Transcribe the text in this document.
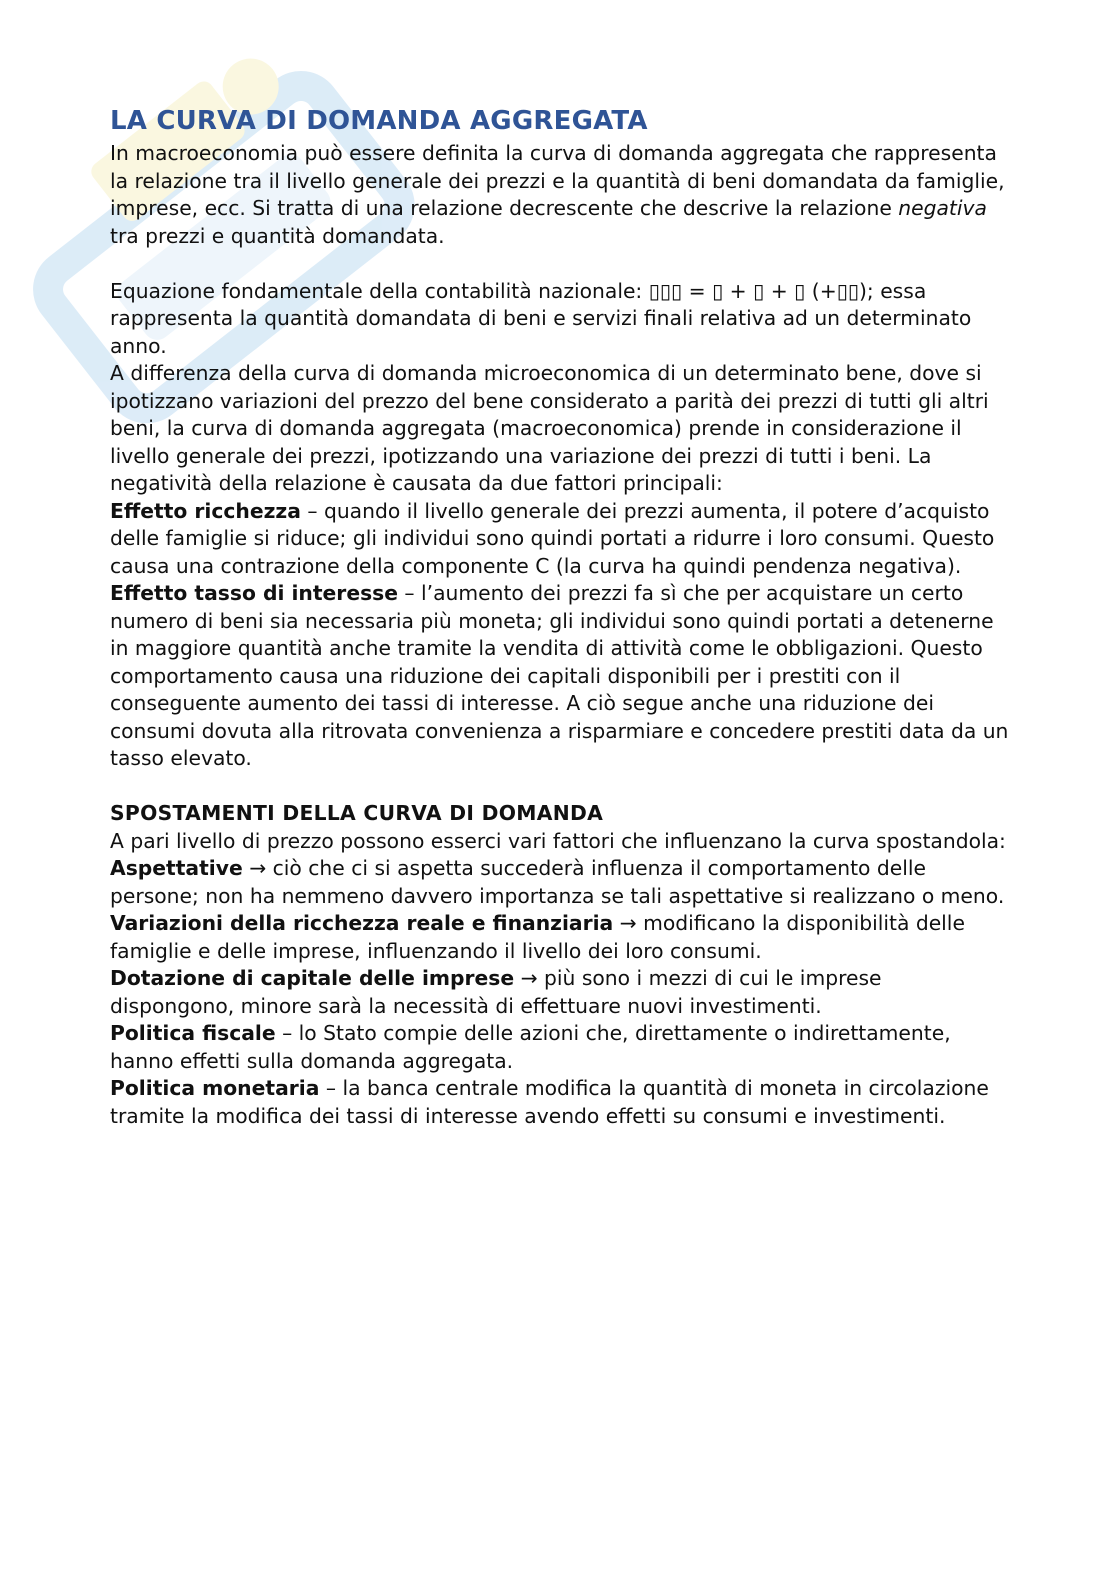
LA CURVA DI DOMANDA AGGREGATA

In macroeconomia può essere definita la curva di domanda aggregata che rappresenta la relazione tra il livello generale dei prezzi e la quantità di beni domandata da famiglie, imprese, ecc. Si tratta di una relazione decrescente che descrive la relazione negativa tra prezzi e quantità domandata.

Equazione fondamentale della contabilità nazionale: ▯▯▯ = ▯ + ▯ + ▯ (+▯▯); essa rappresenta la quantità domandata di beni e servizi finali relativa ad un determinato anno.

A differenza della curva di domanda microeconomica di un determinato bene, dove si ipotizzano variazioni del prezzo del bene considerato a parità dei prezzi di tutti gli altri beni, la curva di domanda aggregata (macroeconomica) prende in considerazione il livello generale dei prezzi, ipotizzando una variazione dei prezzi di tutti i beni. La negatività della relazione è causata da due fattori principali:

Effetto ricchezza – quando il livello generale dei prezzi aumenta, il potere d’acquisto delle famiglie si riduce; gli individui sono quindi portati a ridurre i loro consumi. Questo causa una contrazione della componente C (la curva ha quindi pendenza negativa).

Effetto tasso di interesse – l’aumento dei prezzi fa sì che per acquistare un certo numero di beni sia necessaria più moneta; gli individui sono quindi portati a detenerne in maggiore quantità anche tramite la vendita di attività come le obbligazioni. Questo comportamento causa una riduzione dei capitali disponibili per i prestiti con il conseguente aumento dei tassi di interesse. A ciò segue anche una riduzione dei consumi dovuta alla ritrovata convenienza a risparmiare e concedere prestiti data da un tasso elevato.

SPOSTAMENTI DELLA CURVA DI DOMANDA

A pari livello di prezzo possono esserci vari fattori che influenzano la curva spostandola:

Aspettative → ciò che ci si aspetta succederà influenza il comportamento delle persone; non ha nemmeno davvero importanza se tali aspettative si realizzano o meno.

Variazioni della ricchezza reale e finanziaria → modificano la disponibilità delle famiglie e delle imprese, influenzando il livello dei loro consumi.

Dotazione di capitale delle imprese → più sono i mezzi di cui le imprese dispongono, minore sarà la necessità di effettuare nuovi investimenti.

Politica fiscale – lo Stato compie delle azioni che, direttamente o indirettamente, hanno effetti sulla domanda aggregata.

Politica monetaria – la banca centrale modifica la quantità di moneta in circolazione tramite la modifica dei tassi di interesse avendo effetti su consumi e investimenti.
